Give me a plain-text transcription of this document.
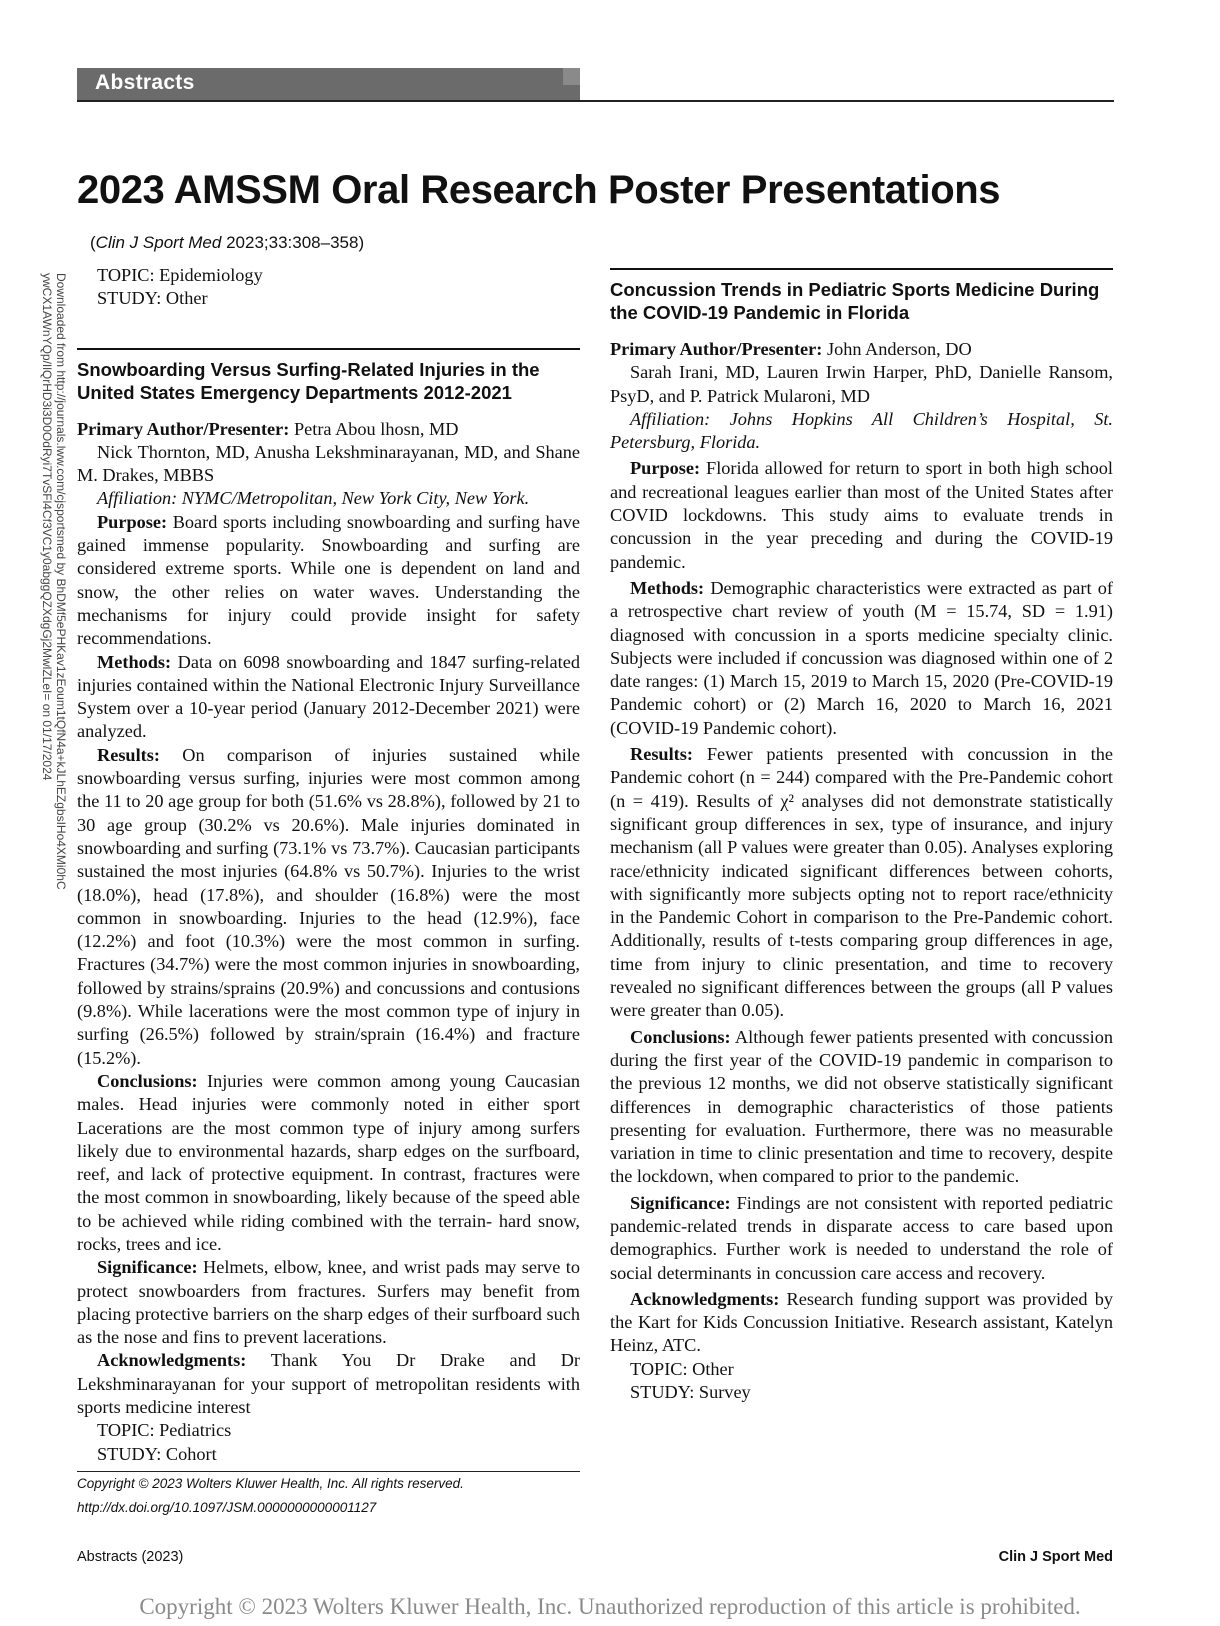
Abstracts
2023 AMSSM Oral Research Poster Presentations
(Clin J Sport Med 2023;33:308–358)
Downloaded from http://journals.lww.com/cjsportsmed by BhDMf5ePHKav1zEoum1tQfN4a+kJLhEZgbsIHo4XMi0hC
ywCX1AWnYQp/IlQrHD3i3D0OdRyi7TvSFl4Cf3VC1y0abggQZXdgGj2MwlZLeI= on 01/17/2024	TOPIC: Epidemiology

STUDY: Other

Snowboarding Versus Surfing-Related Injuries in the United States Emergency Departments 2012-2021

Primary Author/Presenter: Petra Abou lhosn, MD

Nick Thornton, MD, Anusha Lekshminarayanan, MD, and Shane M. Drakes, MBBS

Affiliation: NYMC/Metropolitan, New York City, New York.

Purpose: Board sports including snowboarding and surfing have gained immense popularity. Snowboarding and surfing are considered extreme sports. While one is dependent on land and snow, the other relies on water waves. Understanding the mechanisms for injury could provide insight for safety recommendations.

Methods: Data on 6098 snowboarding and 1847 surfing-related injuries contained within the National Electronic Injury Surveillance System over a 10-year period (January 2012-December 2021) were analyzed.

Results: On comparison of injuries sustained while snowboarding versus surfing, injuries were most common among the 11 to 20 age group for both (51.6% vs 28.8%), followed by 21 to 30 age group (30.2% vs 20.6%). Male injuries dominated in snowboarding and surfing (73.1% vs 73.7%). Caucasian participants sustained the most injuries (64.8% vs 50.7%). Injuries to the wrist (18.0%), head (17.8%), and shoulder (16.8%) were the most common in snowboarding. Injuries to the head (12.9%), face (12.2%) and foot (10.3%) were the most common in surfing. Fractures (34.7%) were the most common injuries in snowboarding, followed by strains/sprains (20.9%) and concussions and contusions (9.8%). While lacerations were the most common type of injury in surfing (26.5%) followed by strain/sprain (16.4%) and fracture (15.2%).

Conclusions: Injuries were common among young Caucasian males. Head injuries were commonly noted in either sport Lacerations are the most common type of injury among surfers likely due to environmental hazards, sharp edges on the surfboard, reef, and lack of protective equipment. In contrast, fractures were the most common in snowboarding, likely because of the speed able to be achieved while riding combined with the terrain- hard snow, rocks, trees and ice.

Significance: Helmets, elbow, knee, and wrist pads may serve to protect snowboarders from fractures. Surfers may benefit from placing protective barriers on the sharp edges of their surfboard such as the nose and fins to prevent lacerations.

Acknowledgments: Thank You Dr Drake and Dr Lekshminarayanan for your support of metropolitan residents with sports medicine interest

TOPIC: Pediatrics

STUDY: Cohort

Concussion Trends in Pediatric Sports Medicine During the COVID-19 Pandemic in Florida

Primary Author/Presenter: John Anderson, DO

Sarah Irani, MD, Lauren Irwin Harper, PhD, Danielle Ransom, PsyD, and P. Patrick Mularoni, MD

Affiliation: Johns Hopkins All Children’s Hospital, St. Petersburg, Florida.

Purpose: Florida allowed for return to sport in both high school and recreational leagues earlier than most of the United States after COVID lockdowns. This study aims to evaluate trends in concussion in the year preceding and during the COVID-19 pandemic.

Methods: Demographic characteristics were extracted as part of a retrospective chart review of youth (M = 15.74, SD = 1.91) diagnosed with concussion in a sports medicine specialty clinic. Subjects were included if concussion was diagnosed within one of 2 date ranges: (1) March 15, 2019 to March 15, 2020 (Pre-COVID-19 Pandemic cohort) or (2) March 16, 2020 to March 16, 2021 (COVID-19 Pandemic cohort).

Results: Fewer patients presented with concussion in the Pandemic cohort (n = 244) compared with the Pre-Pandemic cohort (n = 419). Results of χ² analyses did not demonstrate statistically significant group differences in sex, type of insurance, and injury mechanism (all P values were greater than 0.05). Analyses exploring race/ethnicity indicated significant differences between cohorts, with significantly more subjects opting not to report race/ethnicity in the Pandemic Cohort in comparison to the Pre-Pandemic cohort. Additionally, results of t-tests comparing group differences in age, time from injury to clinic presentation, and time to recovery revealed no significant differences between the groups (all P values were greater than 0.05).

Conclusions: Although fewer patients presented with concussion during the first year of the COVID-19 pandemic in comparison to the previous 12 months, we did not observe statistically significant differences in demographic characteristics of those patients presenting for evaluation. Furthermore, there was no measurable variation in time to clinic presentation and time to recovery, despite the lockdown, when compared to prior to the pandemic.

Significance: Findings are not consistent with reported pediatric pandemic-related trends in disparate access to care based upon demographics. Further work is needed to understand the role of social determinants in concussion care access and recovery.

Acknowledgments: Research funding support was provided by the Kart for Kids Concussion Initiative. Research assistant, Katelyn Heinz, ATC.

TOPIC: Other

STUDY: Survey

Copyright © 2023 Wolters Kluwer Health, Inc. All rights reserved.
http://dx.doi.org/10.1097/JSM.0000000000001127
Abstracts (2023)	Clin J Sport Med
Copyright © 2023 Wolters Kluwer Health, Inc. Unauthorized reproduction of this article is prohibited.
